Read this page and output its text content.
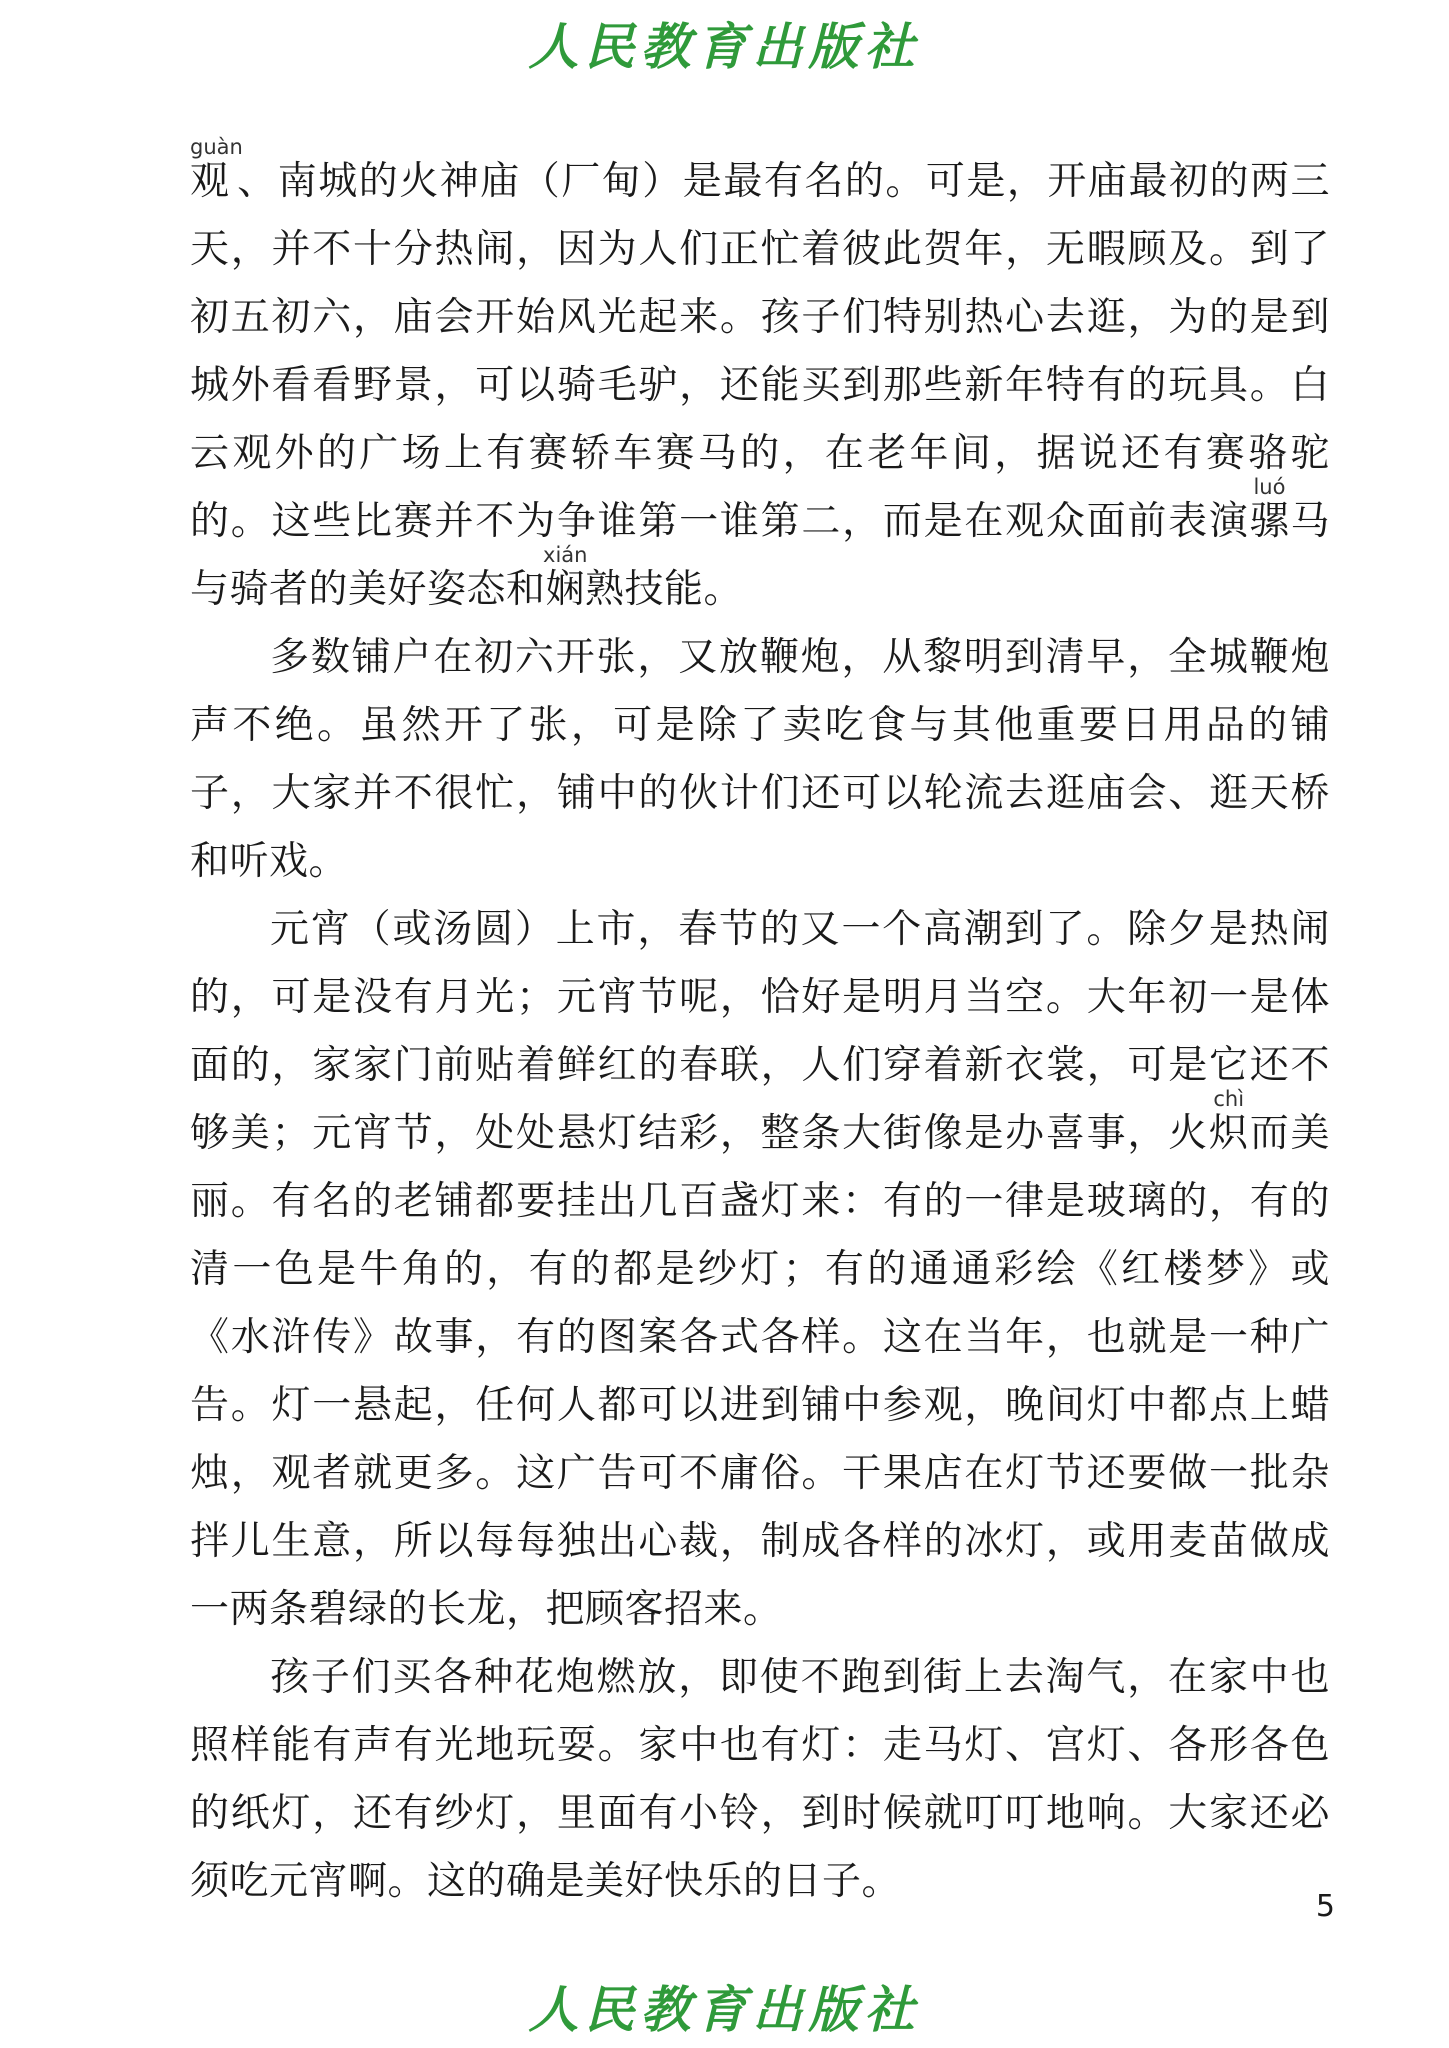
人民教育出版社

观guàn、南城的火神庙（厂甸）是最有名的。可是，开庙最初的两三天，并不十分热闹，因为人们正忙着彼此贺年，无暇顾及。到了初五初六，庙会开始风光起来。孩子们特别热心去逛，为的是到城外看看野景，可以骑毛驴，还能买到那些新年特有的玩具。白云观外的广场上有赛轿车赛马的，在老年间，据说还有赛骆驼的。这些比赛并不为争谁第一谁第二，而是在观众面前表演骡luó马与骑者的美好姿态和娴xián熟技能。

多数铺户在初六开张，又放鞭炮，从黎明到清早，全城鞭炮声不绝。虽然开了张，可是除了卖吃食与其他重要日用品的铺子，大家并不很忙，铺中的伙计们还可以轮流去逛庙会、逛天桥和听戏。

元宵（或汤圆）上市，春节的又一个高潮到了。除夕是热闹的，可是没有月光；元宵节呢，恰好是明月当空。大年初一是体面的，家家门前贴着鲜红的春联，人们穿着新衣裳，可是它还不够美；元宵节，处处悬灯结彩，整条大街像是办喜事，火炽chì而美丽。有名的老铺都要挂出几百盏灯来：有的一律是玻璃的，有的清一色是牛角的，有的都是纱灯；有的通通彩绘《红楼梦》或《水浒传》故事，有的图案各式各样。这在当年，也就是一种广告。灯一悬起，任何人都可以进到铺中参观，晚间灯中都点上蜡烛，观者就更多。这广告可不庸俗。干果店在灯节还要做一批杂拌儿生意，所以每每独出心裁，制成各样的冰灯，或用麦苗做成一两条碧绿的长龙，把顾客招来。

孩子们买各种花炮燃放，即使不跑到街上去淘气，在家中也照样能有声有光地玩耍。家中也有灯：走马灯、宫灯、各形各色的纸灯，还有纱灯，里面有小铃，到时候就叮叮地响。大家还必须吃元宵啊。这的确是美好快乐的日子。

5
人民教育出版社
